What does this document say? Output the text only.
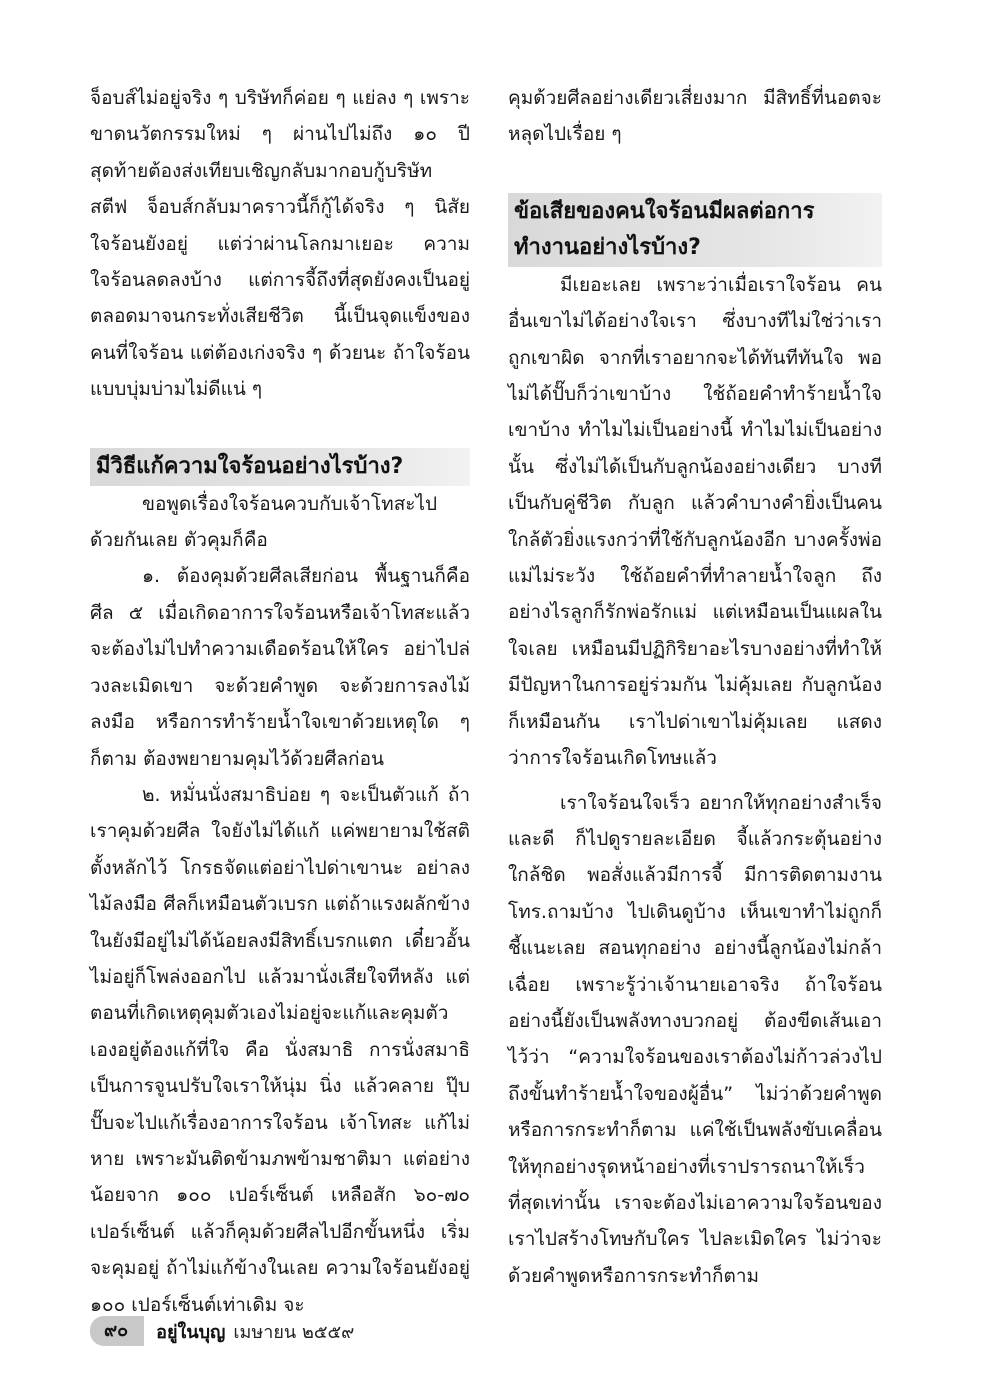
จ็อบส์ไม่อยู่จริง ๆ บริษัทก็ค่อย ๆ แย่ลง ๆ เพราะขาดนวัตกรรมใหม่ ๆ ผ่านไปไม่ถึง ๑๐ ปี สุดท้ายต้องส่งเทียบเชิญกลับมากอบกู้บริษัท สตีฟ จ็อบส์กลับมาคราวนี้ก็กู้ได้จริง ๆ นิสัยใจร้อนยังอยู่ แต่ว่าผ่านโลกมาเยอะ ความใจร้อนลดลงบ้าง แต่การจี้ถึงที่สุดยังคงเป็นอยู่ตลอดมาจนกระทั่งเสียชีวิต นี้เป็นจุดแข็งของคนที่ใจร้อน แต่ต้องเก่งจริง ๆ ด้วยนะ ถ้าใจร้อนแบบบุ่มบ่ามไม่ดีแน่ ๆ

มีวิธีแก้ความใจร้อนอย่างไรบ้าง?

ขอพูดเรื่องใจร้อนควบกับเจ้าโทสะไปด้วยกันเลย ตัวคุมก็คือ

๑. ต้องคุมด้วยศีลเสียก่อน พื้นฐานก็คือศีล ๕ เมื่อเกิดอาการใจร้อนหรือเจ้าโทสะแล้วจะต้องไม่ไปทำความเดือดร้อนให้ใคร อย่าไปล่วงละเมิดเขา จะด้วยคำพูด จะด้วยการลงไม้ลงมือ หรือการทำร้ายน้ำใจเขาด้วยเหตุใด ๆ ก็ตาม ต้องพยายามคุมไว้ด้วยศีลก่อน

๒. หมั่นนั่งสมาธิบ่อย ๆ จะเป็นตัวแก้ ถ้าเราคุมด้วยศีล ใจยังไม่ได้แก้ แค่พยายามใช้สติตั้งหลักไว้ โกรธจัดแต่อย่าไปด่าเขานะ อย่าลงไม้ลงมือ ศีลก็เหมือนตัวเบรก แต่ถ้าแรงผลักข้างในยังมีอยู่ไม่ได้น้อยลงมีสิทธิ์เบรกแตก เดี๋ยวอั้นไม่อยู่ก็โพล่งออกไป แล้วมานั่งเสียใจทีหลัง แต่ตอนที่เกิดเหตุคุมตัวเองไม่อยู่จะแก้และคุมตัวเองอยู่ต้องแก้ที่ใจ คือ นั่งสมาธิ การนั่งสมาธิเป็นการจูนปรับใจเราให้นุ่ม นิ่ง แล้วคลาย ปุ๊บปั๊บจะไปแก้เรื่องอาการใจร้อน เจ้าโทสะ แก้ไม่หาย เพราะมันติดข้ามภพข้ามชาติมา แต่อย่างน้อยจาก ๑๐๐ เปอร์เซ็นต์ เหลือสัก ๖๐-๗๐ เปอร์เซ็นต์ แล้วก็คุมด้วยศีลไปอีกขั้นหนึ่ง เริ่มจะคุมอยู่ ถ้าไม่แก้ข้างในเลย ความใจร้อนยังอยู่ ๑๐๐ เปอร์เซ็นต์เท่าเดิม จะ

คุมด้วยศีลอย่างเดียวเสี่ยงมาก มีสิทธิ์ที่นอตจะหลุดไปเรื่อย ๆ

ข้อเสียของคนใจร้อนมีผลต่อการทำงานอย่างไรบ้าง?

มีเยอะเลย เพราะว่าเมื่อเราใจร้อน คนอื่นเขาไม่ได้อย่างใจเรา ซึ่งบางทีไม่ใช่ว่าเราถูกเขาผิด จากที่เราอยากจะได้ทันทีทันใจ พอไม่ได้ปั๊บก็ว่าเขาบ้าง ใช้ถ้อยคำทำร้ายน้ำใจเขาบ้าง ทำไมไม่เป็นอย่างนี้ ทำไมไม่เป็นอย่างนั้น ซึ่งไม่ได้เป็นกับลูกน้องอย่างเดียว บางทีเป็นกับคู่ชีวิต กับลูก แล้วคำบางคำยิ่งเป็นคนใกล้ตัวยิ่งแรงกว่าที่ใช้กับลูกน้องอีก บางครั้งพ่อแม่ไม่ระวัง ใช้ถ้อยคำที่ทำลายน้ำใจลูก ถึงอย่างไรลูกก็รักพ่อรักแม่ แต่เหมือนเป็นแผลในใจเลย เหมือนมีปฏิกิริยาอะไรบางอย่างที่ทำให้มีปัญหาในการอยู่ร่วมกัน ไม่คุ้มเลย กับลูกน้องก็เหมือนกัน เราไปด่าเขาไม่คุ้มเลย แสดงว่าการใจร้อนเกิดโทษแล้ว

เราใจร้อนใจเร็ว อยากให้ทุกอย่างสำเร็จและดี ก็ไปดูรายละเอียด จี้แล้วกระตุ้นอย่างใกล้ชิด พอสั่งแล้วมีการจี้ มีการติดตามงาน โทร.ถามบ้าง ไปเดินดูบ้าง เห็นเขาทำไม่ถูกก็ชี้แนะเลย สอนทุกอย่าง อย่างนี้ลูกน้องไม่กล้าเฉื่อย เพราะรู้ว่าเจ้านายเอาจริง ถ้าใจร้อนอย่างนี้ยังเป็นพลังทางบวกอยู่ ต้องขีดเส้นเอาไว้ว่า “ความใจร้อนของเราต้องไม่ก้าวล่วงไปถึงขั้นทำร้ายน้ำใจของผู้อื่น” ไม่ว่าด้วยคำพูดหรือการกระทำก็ตาม แค่ใช้เป็นพลังขับเคลื่อนให้ทุกอย่างรุดหน้าอย่างที่เราปรารถนาให้เร็วที่สุดเท่านั้น เราจะต้องไม่เอาความใจร้อนของเราไปสร้างโทษกับใคร ไปละเมิดใคร ไม่ว่าจะด้วยคำพูดหรือการกระทำก็ตาม

๙๐	อยู่ในบุญ เมษายน ๒๕๕๙
